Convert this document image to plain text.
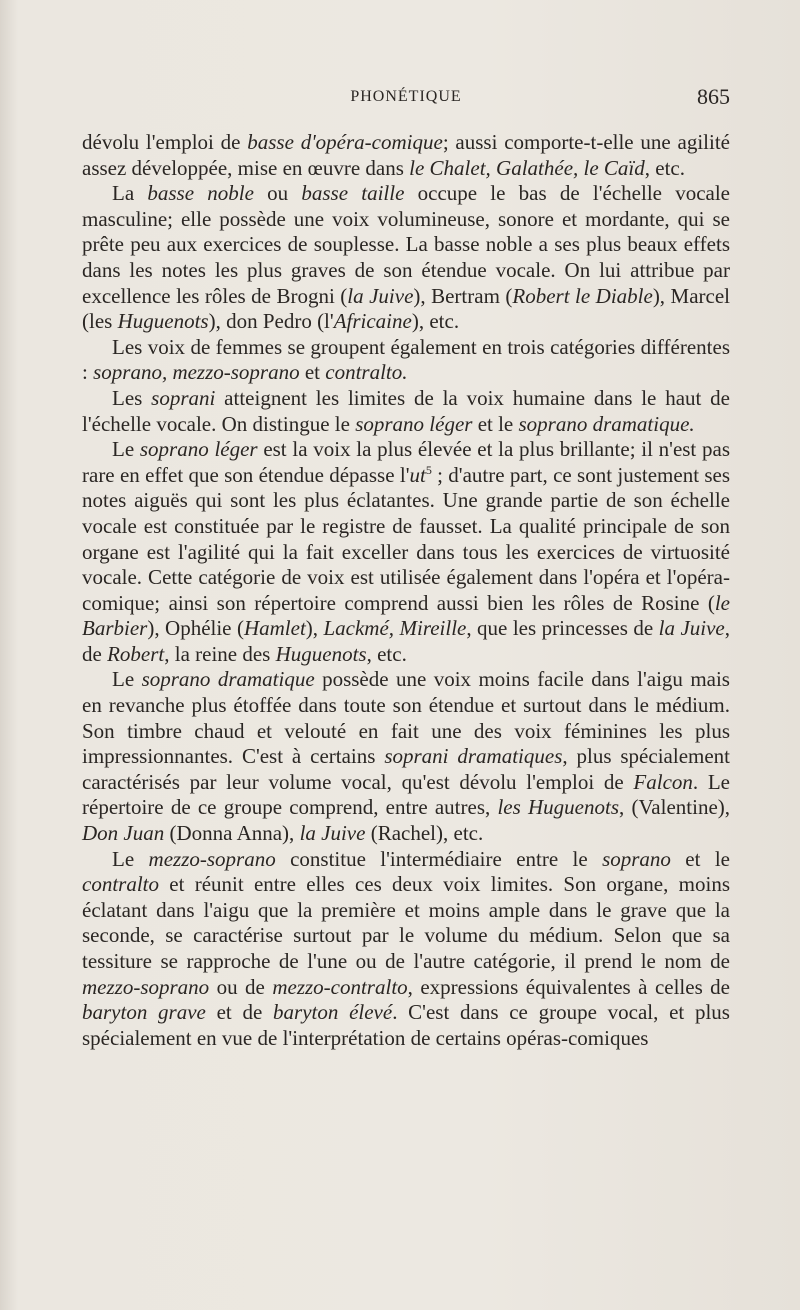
PHONÉTIQUE	865

dévolu l'emploi de basse d'opéra-comique; aussi comporte-t-elle une agilité assez développée, mise en œuvre dans le Chalet, Galathée, le Caïd, etc.

La basse noble ou basse taille occupe le bas de l'échelle vocale masculine; elle possède une voix volumineuse, sonore et mordante, qui se prête peu aux exercices de souplesse. La basse noble a ses plus beaux effets dans les notes les plus graves de son étendue vocale. On lui attribue par excellence les rôles de Brogni (la Juive), Bertram (Robert le Diable), Marcel (les Huguenots), don Pedro (l'Africaine), etc.

Les voix de femmes se groupent également en trois catégories différentes : soprano, mezzo-soprano et contralto.

Les soprani atteignent les limites de la voix humaine dans le haut de l'échelle vocale. On distingue le soprano léger et le soprano dramatique.

Le soprano léger est la voix la plus élevée et la plus brillante; il n'est pas rare en effet que son étendue dépasse $l'ut^5$ ; d'autre part, ce sont justement ses notes aiguës qui sont les plus éclatantes. Une grande partie de son échelle vocale est constituée par le registre de fausset. La qualité principale de son organe est l'agilité qui la fait exceller dans tous les exercices de virtuosité vocale. Cette catégorie de voix est utilisée également dans l'opéra et l'opéra-comique; ainsi son répertoire comprend aussi bien les rôles de Rosine (le Barbier), Ophélie (Hamlet), Lackmé, Mireille, que les princesses de la Juive, de Robert, la reine des Huguenots, etc.

Le soprano dramatique possède une voix moins facile dans l'aigu mais en revanche plus étoffée dans toute son étendue et surtout dans le médium. Son timbre chaud et velouté en fait une des voix féminines les plus impressionnantes. C'est à certains soprani dramatiques, plus spécialement caractérisés par leur volume vocal, qu'est dévolu l'emploi de Falcon. Le répertoire de ce groupe comprend, entre autres, les Huguenots, (Valentine), Don Juan (Donna Anna), la Juive (Rachel), etc.

Le mezzo-soprano constitue l'intermédiaire entre le soprano et le contralto et réunit entre elles ces deux voix limites. Son organe, moins éclatant dans l'aigu que la première et moins ample dans le grave que la seconde, se caractérise surtout par le volume du médium. Selon que sa tessiture se rapproche de l'une ou de l'autre catégorie, il prend le nom de mezzo-soprano ou de mezzo-contralto, expressions équivalentes à celles de baryton grave et de baryton élevé. C'est dans ce groupe vocal, et plus spécialement en vue de l'interprétation de certains opéras-comiques
